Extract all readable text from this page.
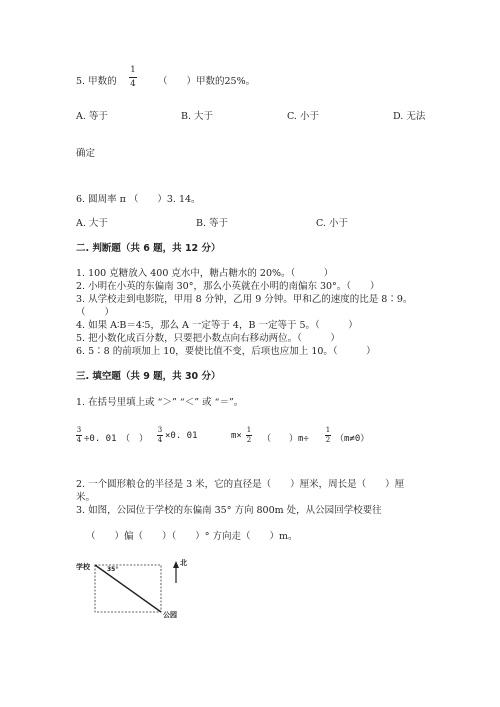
5. 甲数的
1
4 （　　）甲数的25%。
A. 等于	B. 大于	C. 小于	D. 无法
确定
6. 圆周率 π （　　）3. 14。
A. 大于	B. 等于	C. 小于
二. 判断题（共 6 题，共 12 分）
1. 100 克糖放入 400 克水中，糖占糖水的 20%。（　　　）
2. 小明在小英的东偏南 30°，那么小英就在小明的南偏东 30°。（　　）
3. 从学校走到电影院，甲用 8 分钟，乙用 9 分钟。甲和乙的速度的比是 8∶9。
（　　）
4. 如果 A∶B＝4∶5，那么 A 一定等于 4，B 一定等于 5。（　　　）
5. 把小数化成百分数，只要把小数点向右移动两位。（　　　）
6. 5∶8 的前项加上 10，要使比值不变，后项也应加上 10。（　　　）
三. 填空题（共 9 题，共 30 分）
1. 在括号里填上或 “＞” “＜” 或 “＝”。
3
4 ÷0. 01　（　）
3
4 ×0. 01	m×
1
2 （　　）m÷
1
2 （m≠0）
2. 一个圆形粮仓的半径是 3 米，它的直径是（　　）厘米，周长是（　　）厘
米。
3. 如图，公园位于学校的东偏南 35° 方向 800m 处，从公园回学校要往
（　　）偏（　　）（　　）° 方向走（　　）m。
学校	35°
北
公园
